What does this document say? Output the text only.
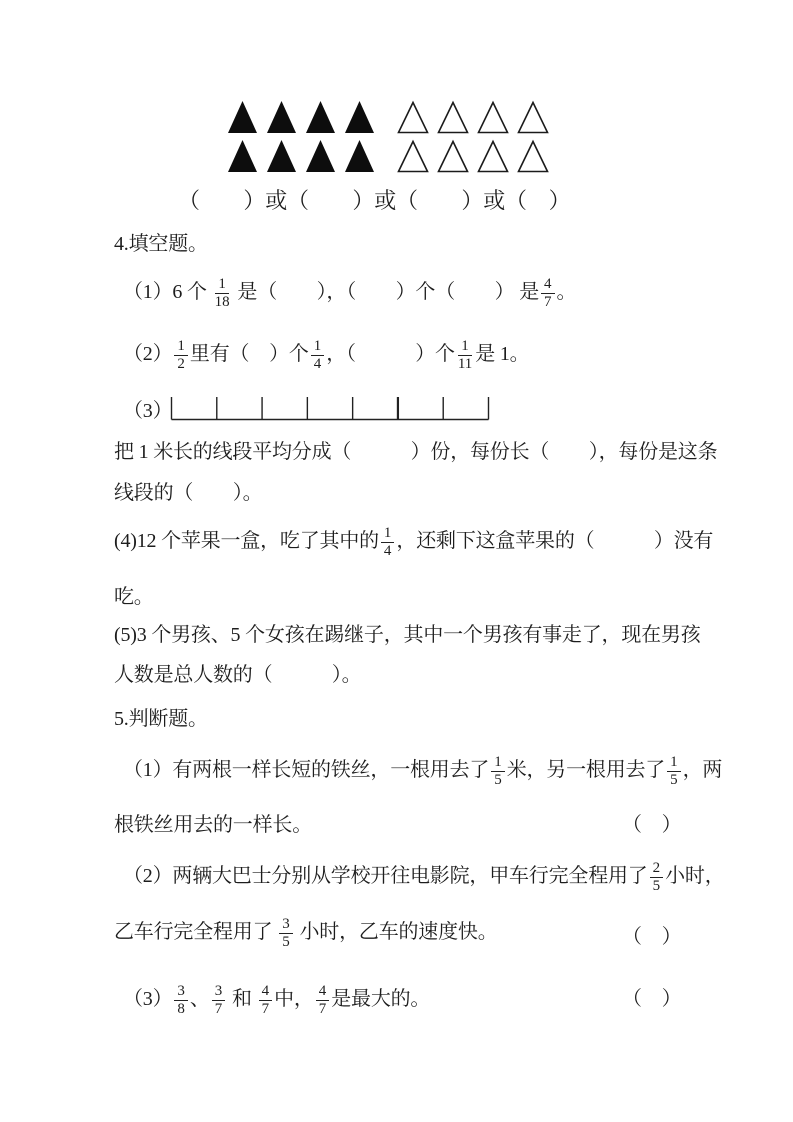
（　　）或（　　）或（　　）或（　）
4.填空题。
（1）6 个 $\frac{1}{18}$ 是（　　），（　　）个（　　） 是 $\frac{4}{7}$ 。
$(2) \frac{1}{2}$ 里有（　）个 $\frac{1}{4}$ ，（　　　）个 $\frac{1}{11}$ 是 1。
（3）
把 1 米长的线段平均分成（　　　）份，每份长（　　），每份是这条
线段的（　　）。
(4)12 个苹果一盒，吃了其中的 $\frac{1}{4}$ ，还剩下这盒苹果的（　　　）没有
吃。
(5)3 个男孩、5 个女孩在踢继子，其中一个男孩有事走了，现在男孩
人数是总人数的（　　　）。
5.判断题。
（1）有两根一样长短的铁丝，一根用去了 $\frac{1}{5}$ 米，另一根用去了 $\frac{1}{5}$ ，两
根铁丝用去的一样长。	（　）
（2）两辆大巴士分别从学校开往电影院，甲车行完全程用了 $\frac{2}{5}$ 小时，
乙车行完全程用了 $\frac{3}{5}$ 小时，乙车的速度快。	（　）
$(3) \frac{3}{8}$ 、 $\frac{3}{7}$ 和 $\frac{4}{7}$ 中， $\frac{4}{7}$ 是最大的。	（　）
